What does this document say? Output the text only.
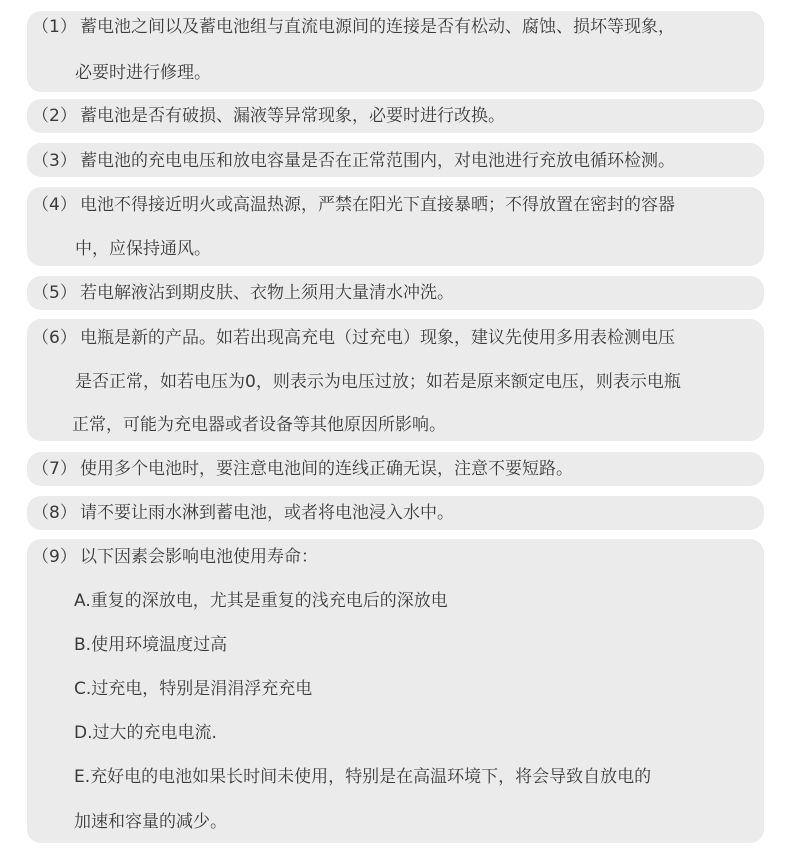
（1） 蓄电池之间以及蓄电池组与直流电源间的连接是否有松动、腐蚀、损坏等现象，
必要时进行修理。
（2） 蓄电池是否有破损、漏液等异常现象，必要时进行改换。
（3） 蓄电池的充电电压和放电容量是否在正常范围内，对电池进行充放电循环检测。
（4） 电池不得接近明火或高温热源，严禁在阳光下直接暴晒；不得放置在密封的容器
中，应保持通风。
（5） 若电解液沾到期皮肤、衣物上须用大量清水冲洗。
（6） 电瓶是新的产品。如若出现高充电（过充电）现象，建议先使用多用表检测电压
是否正常，如若电压为0，则表示为电压过放；如若是原来额定电压，则表示电瓶
正常，可能为充电器或者设备等其他原因所影响。
（7） 使用多个电池时，要注意电池间的连线正确无误，注意不要短路。
（8） 请不要让雨水淋到蓄电池，或者将电池浸入水中。
（9） 以下因素会影响电池使用寿命：
A.重复的深放电，尤其是重复的浅充电后的深放电
B.使用环境温度过高
C.过充电，特别是涓涓浮充充电
D.过大的充电电流.
E.充好电的电池如果长时间未使用，特别是在高温环境下，将会导致自放电的
加速和容量的减少。
